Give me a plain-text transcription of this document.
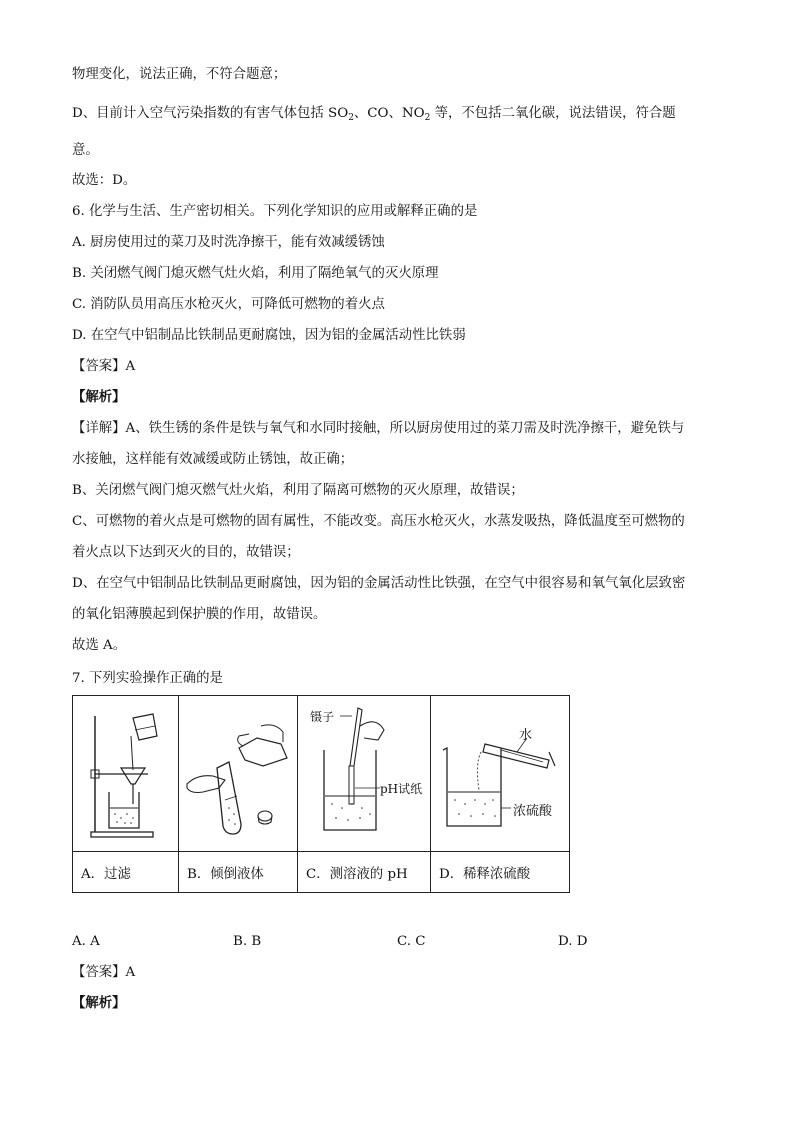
物理变化，说法正确，不符合题意；
D、目前计入空气污染指数的有害气体包括 $SO_2$、CO、$NO_2$ 等，不包括二氧化碳，说法错误，符合题
意。
故选：D。
6. 化学与生活、生产密切相关。下列化学知识的应用或解释正确的是
A. 厨房使用过的菜刀及时洗净擦干，能有效减缓锈蚀
B. 关闭燃气阀门熄灭燃气灶火焰，利用了隔绝氧气的灭火原理
C. 消防队员用高压水枪灭火，可降低可燃物的着火点
D. 在空气中铝制品比铁制品更耐腐蚀，因为铝的金属活动性比铁弱
【答案】A
【解析】
【详解】A、铁生锈的条件是铁与氧气和水同时接触，所以厨房使用过的菜刀需及时洗净擦干，避免铁与
水接触，这样能有效减缓或防止锈蚀，故正确；
B、关闭燃气阀门熄灭燃气灶火焰，利用了隔离可燃物的灭火原理，故错误；
C、可燃物的着火点是可燃物的固有属性，不能改变。高压水枪灭火，水蒸发吸热，降低温度至可燃物的
着火点以下达到灭火的目的，故错误；
D、在空气中铝制品比铁制品更耐腐蚀，因为铝的金属活动性比铁强，在空气中很容易和氧气氧化层致密
的氧化铝薄膜起到保护膜的作用，故错误。
故选 A。
7. 下列实验操作正确的是

镊子
pH试纸	水
浓硫酸

A．过滤	B．倾倒液体	C．测溶液的 pH	D．稀释浓硫酸
A. A	B. B	C. C	D. D
【答案】A
【解析】
